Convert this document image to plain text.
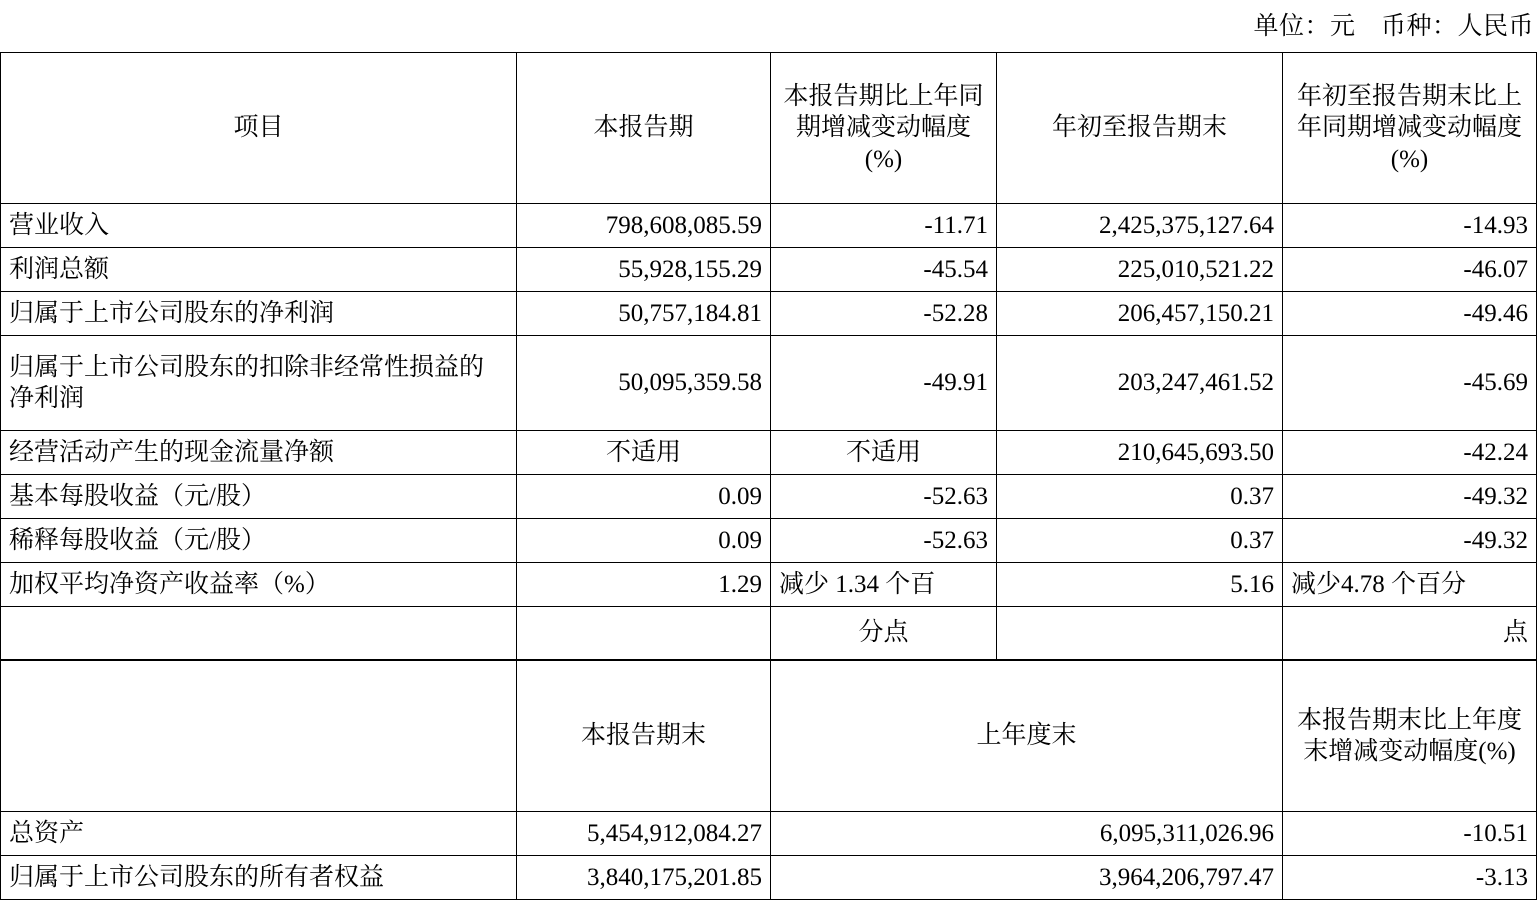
单位：元　币种：人民币
项目	本报告期	本报告期比上年同期增减变动幅度(%)	年初至报告期末	年初至报告期末比上年同期增减变动幅度(%)
营业收入	798,608,085.59	-11.71	2,425,375,127.64	-14.93
利润总额	55,928,155.29	-45.54	225,010,521.22	-46.07
归属于上市公司股东的净利润	50,757,184.81	-52.28	206,457,150.21	-49.46
归属于上市公司股东的扣除非经常性损益的净利润	50,095,359.58	-49.91	203,247,461.52	-45.69
经营活动产生的现金流量净额	不适用	不适用	210,645,693.50	-42.24
基本每股收益（元/股）	0.09	-52.63	0.37	-49.32
稀释每股收益（元/股）	0.09	-52.63	0.37	-49.32
加权平均净资产收益率（%）	1.29	减少 1.34 个百	5.16	减少4.78 个百分
		分点		点
	本报告期末	上年度末	本报告期末比上年度末增减变动幅度(%)
总资产	5,454,912,084.27	6,095,311,026.96	-10.51
归属于上市公司股东的所有者权益	3,840,175,201.85	3,964,206,797.47	-3.13
